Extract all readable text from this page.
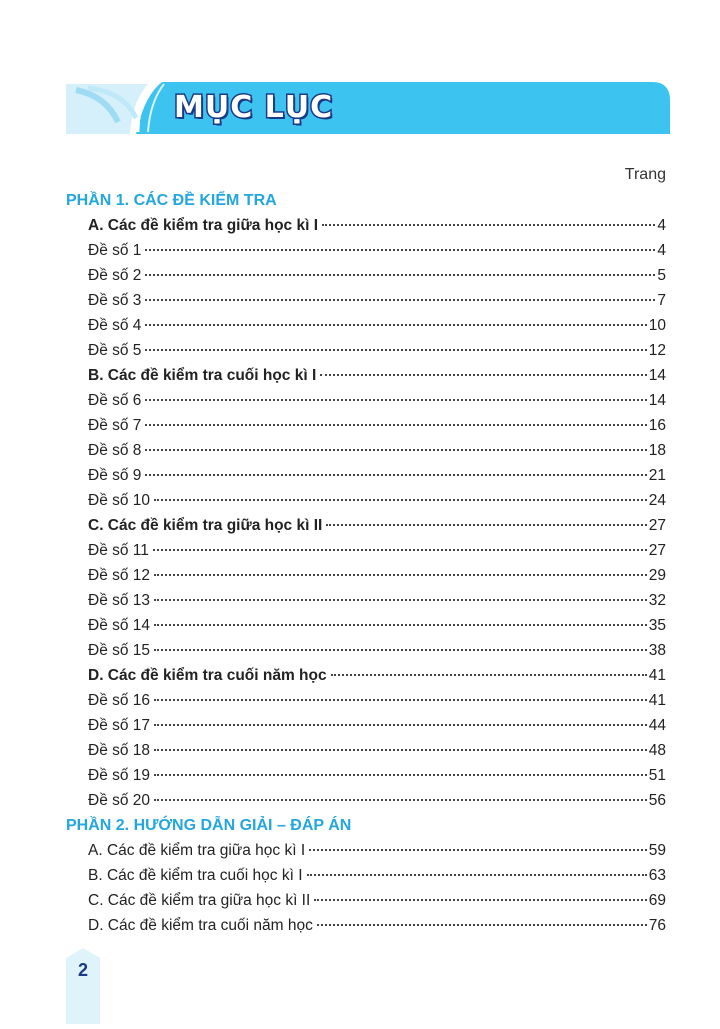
MỤC LỤC
Trang
PHẦN 1. CÁC ĐỀ KIỂM TRA
A. Các đề kiểm tra giữa học kì I	4
Đề số 1	4
Đề số 2	5
Đề số 3	7
Đề số 4	10
Đề số 5	12
B. Các đề kiểm tra cuối học kì I	14
Đề số 6	14
Đề số 7	16
Đề số 8	18
Đề số 9	21
Đề số 10	24
C. Các đề kiểm tra giữa học kì II	27
Đề số 11	27
Đề số 12	29
Đề số 13	32
Đề số 14	35
Đề số 15	38
D. Các đề kiểm tra cuối năm học	41
Đề số 16	41
Đề số 17	44
Đề số 18	48
Đề số 19	51
Đề số 20	56
PHẦN 2. HƯỚNG DẪN GIẢI – ĐÁP ÁN
A. Các đề kiểm tra giữa học kì I	59
B. Các đề kiểm tra cuối học kì I	63
C. Các đề kiểm tra giữa học kì II	69
D. Các đề kiểm tra cuối năm học	76
2
